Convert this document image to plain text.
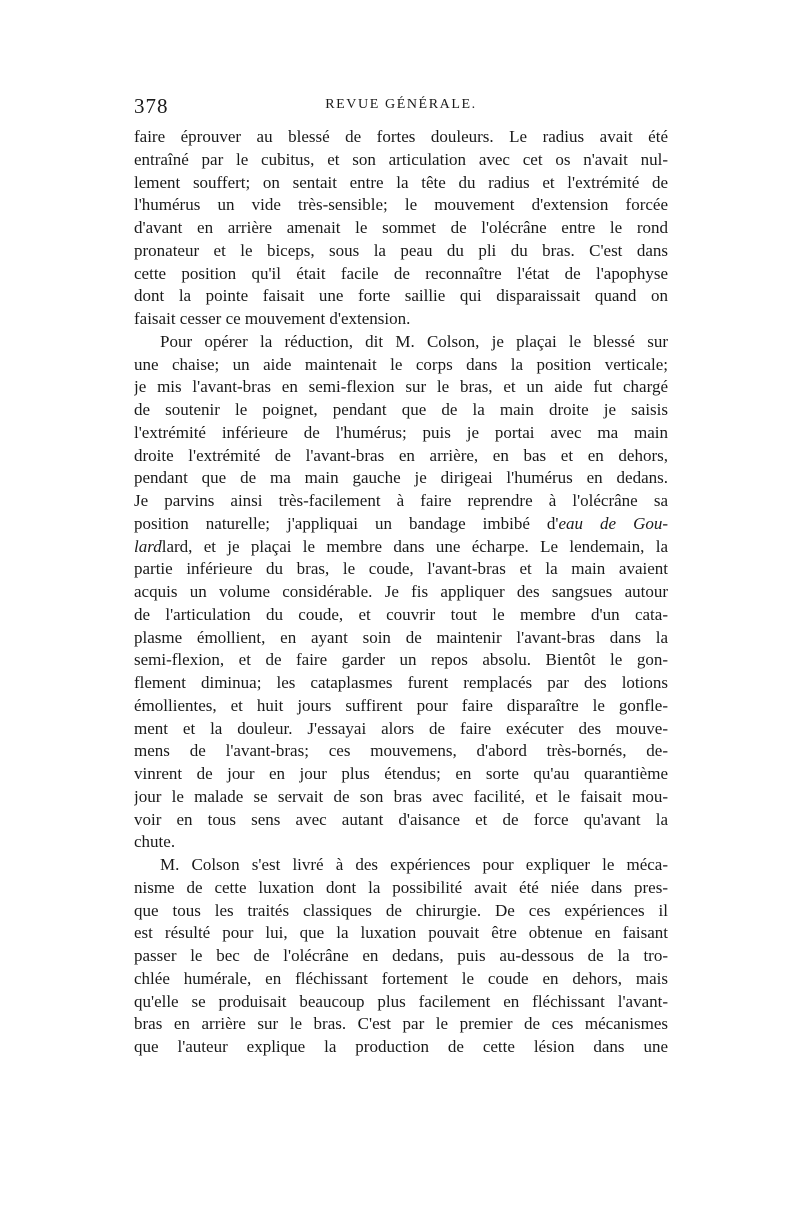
378	REVUE GÉNÉRALE.
faire éprouver au blessé de fortes douleurs. Le radius avait été
entraîné par le cubitus, et son articulation avec cet os n'avait nul-
lement souffert; on sentait entre la tête du radius et l'extrémité de
l'humérus un vide très-sensible; le mouvement d'extension forcée
d'avant en arrière amenait le sommet de l'olécrâne entre le rond
pronateur et le biceps, sous la peau du pli du bras. C'est dans
cette position qu'il était facile de reconnaître l'état de l'apophyse
dont la pointe faisait une forte saillie qui disparaissait quand on
faisait cesser ce mouvement d'extension.
Pour opérer la réduction, dit M. Colson, je plaçai le blessé sur
une chaise; un aide maintenait le corps dans la position verticale;
je mis l'avant-bras en semi-flexion sur le bras, et un aide fut chargé
de soutenir le poignet, pendant que de la main droite je saisis
l'extrémité inférieure de l'humérus; puis je portai avec ma main
droite l'extrémité de l'avant-bras en arrière, en bas et en dehors,
pendant que de ma main gauche je dirigeai l'humérus en dedans.
Je parvins ainsi très-facilement à faire reprendre à l'olécrâne sa
position naturelle; j'appliquai un bandage imbibé d'eau de Gou-
lardlard, et je plaçai le membre dans une écharpe. Le lendemain, la
partie inférieure du bras, le coude, l'avant-bras et la main avaient
acquis un volume considérable. Je fis appliquer des sangsues autour
de l'articulation du coude, et couvrir tout le membre d'un cata-
plasme émollient, en ayant soin de maintenir l'avant-bras dans la
semi-flexion, et de faire garder un repos absolu. Bientôt le gon-
flement diminua; les cataplasmes furent remplacés par des lotions
émollientes, et huit jours suffirent pour faire disparaître le gonfle-
ment et la douleur. J'essayai alors de faire exécuter des mouve-
mens de l'avant-bras; ces mouvemens, d'abord très-bornés, de-
vinrent de jour en jour plus étendus; en sorte qu'au quarantième
jour le malade se servait de son bras avec facilité, et le faisait mou-
voir en tous sens avec autant d'aisance et de force qu'avant la
chute.
M. Colson s'est livré à des expériences pour expliquer le méca-
nisme de cette luxation dont la possibilité avait été niée dans pres-
que tous les traités classiques de chirurgie. De ces expériences il
est résulté pour lui, que la luxation pouvait être obtenue en faisant
passer le bec de l'olécrâne en dedans, puis au-dessous de la tro-
chlée humérale, en fléchissant fortement le coude en dehors, mais
qu'elle se produisait beaucoup plus facilement en fléchissant l'avant-
bras en arrière sur le bras. C'est par le premier de ces mécanismes
que l'auteur explique la production de cette lésion dans une
